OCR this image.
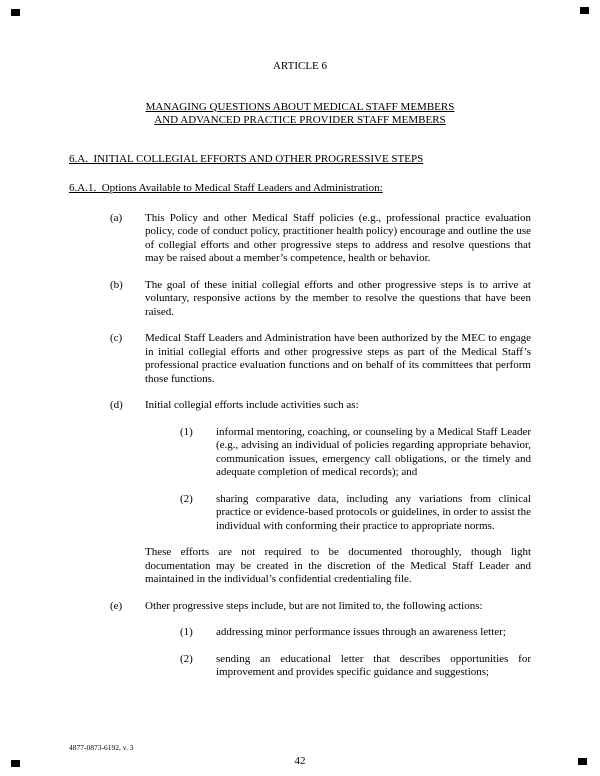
ARTICLE 6
MANAGING QUESTIONS ABOUT MEDICAL STAFF MEMBERS
AND ADVANCED PRACTICE PROVIDER STAFF MEMBERS
6.A.  INITIAL COLLEGIAL EFFORTS AND OTHER PROGRESSIVE STEPS
6.A.1.  Options Available to Medical Staff Leaders and Administration:
(a) This Policy and other Medical Staff policies (e.g., professional practice evaluation policy, code of conduct policy, practitioner health policy) encourage and outline the use of collegial efforts and other progressive steps to address and resolve questions that may be raised about a member’s competence, health or behavior.
(b) The goal of these initial collegial efforts and other progressive steps is to arrive at voluntary, responsive actions by the member to resolve the questions that have been raised.
(c) Medical Staff Leaders and Administration have been authorized by the MEC to engage in initial collegial efforts and other progressive steps as part of the Medical Staff’s professional practice evaluation functions and on behalf of its committees that perform those functions.
(d) Initial collegial efforts include activities such as:
(1) informal mentoring, coaching, or counseling by a Medical Staff Leader (e.g., advising an individual of policies regarding appropriate behavior, communication issues, emergency call obligations, or the timely and adequate completion of medical records); and
(2) sharing comparative data, including any variations from clinical practice or evidence-based protocols or guidelines, in order to assist the individual with conforming their practice to appropriate norms.
These efforts are not required to be documented thoroughly, though light documentation may be created in the discretion of the Medical Staff Leader and maintained in the individual’s confidential credentialing file.
(e) Other progressive steps include, but are not limited to, the following actions:
(1) addressing minor performance issues through an awareness letter;
(2) sending an educational letter that describes opportunities for improvement and provides specific guidance and suggestions;
4877-0873-6192, v. 3
42
